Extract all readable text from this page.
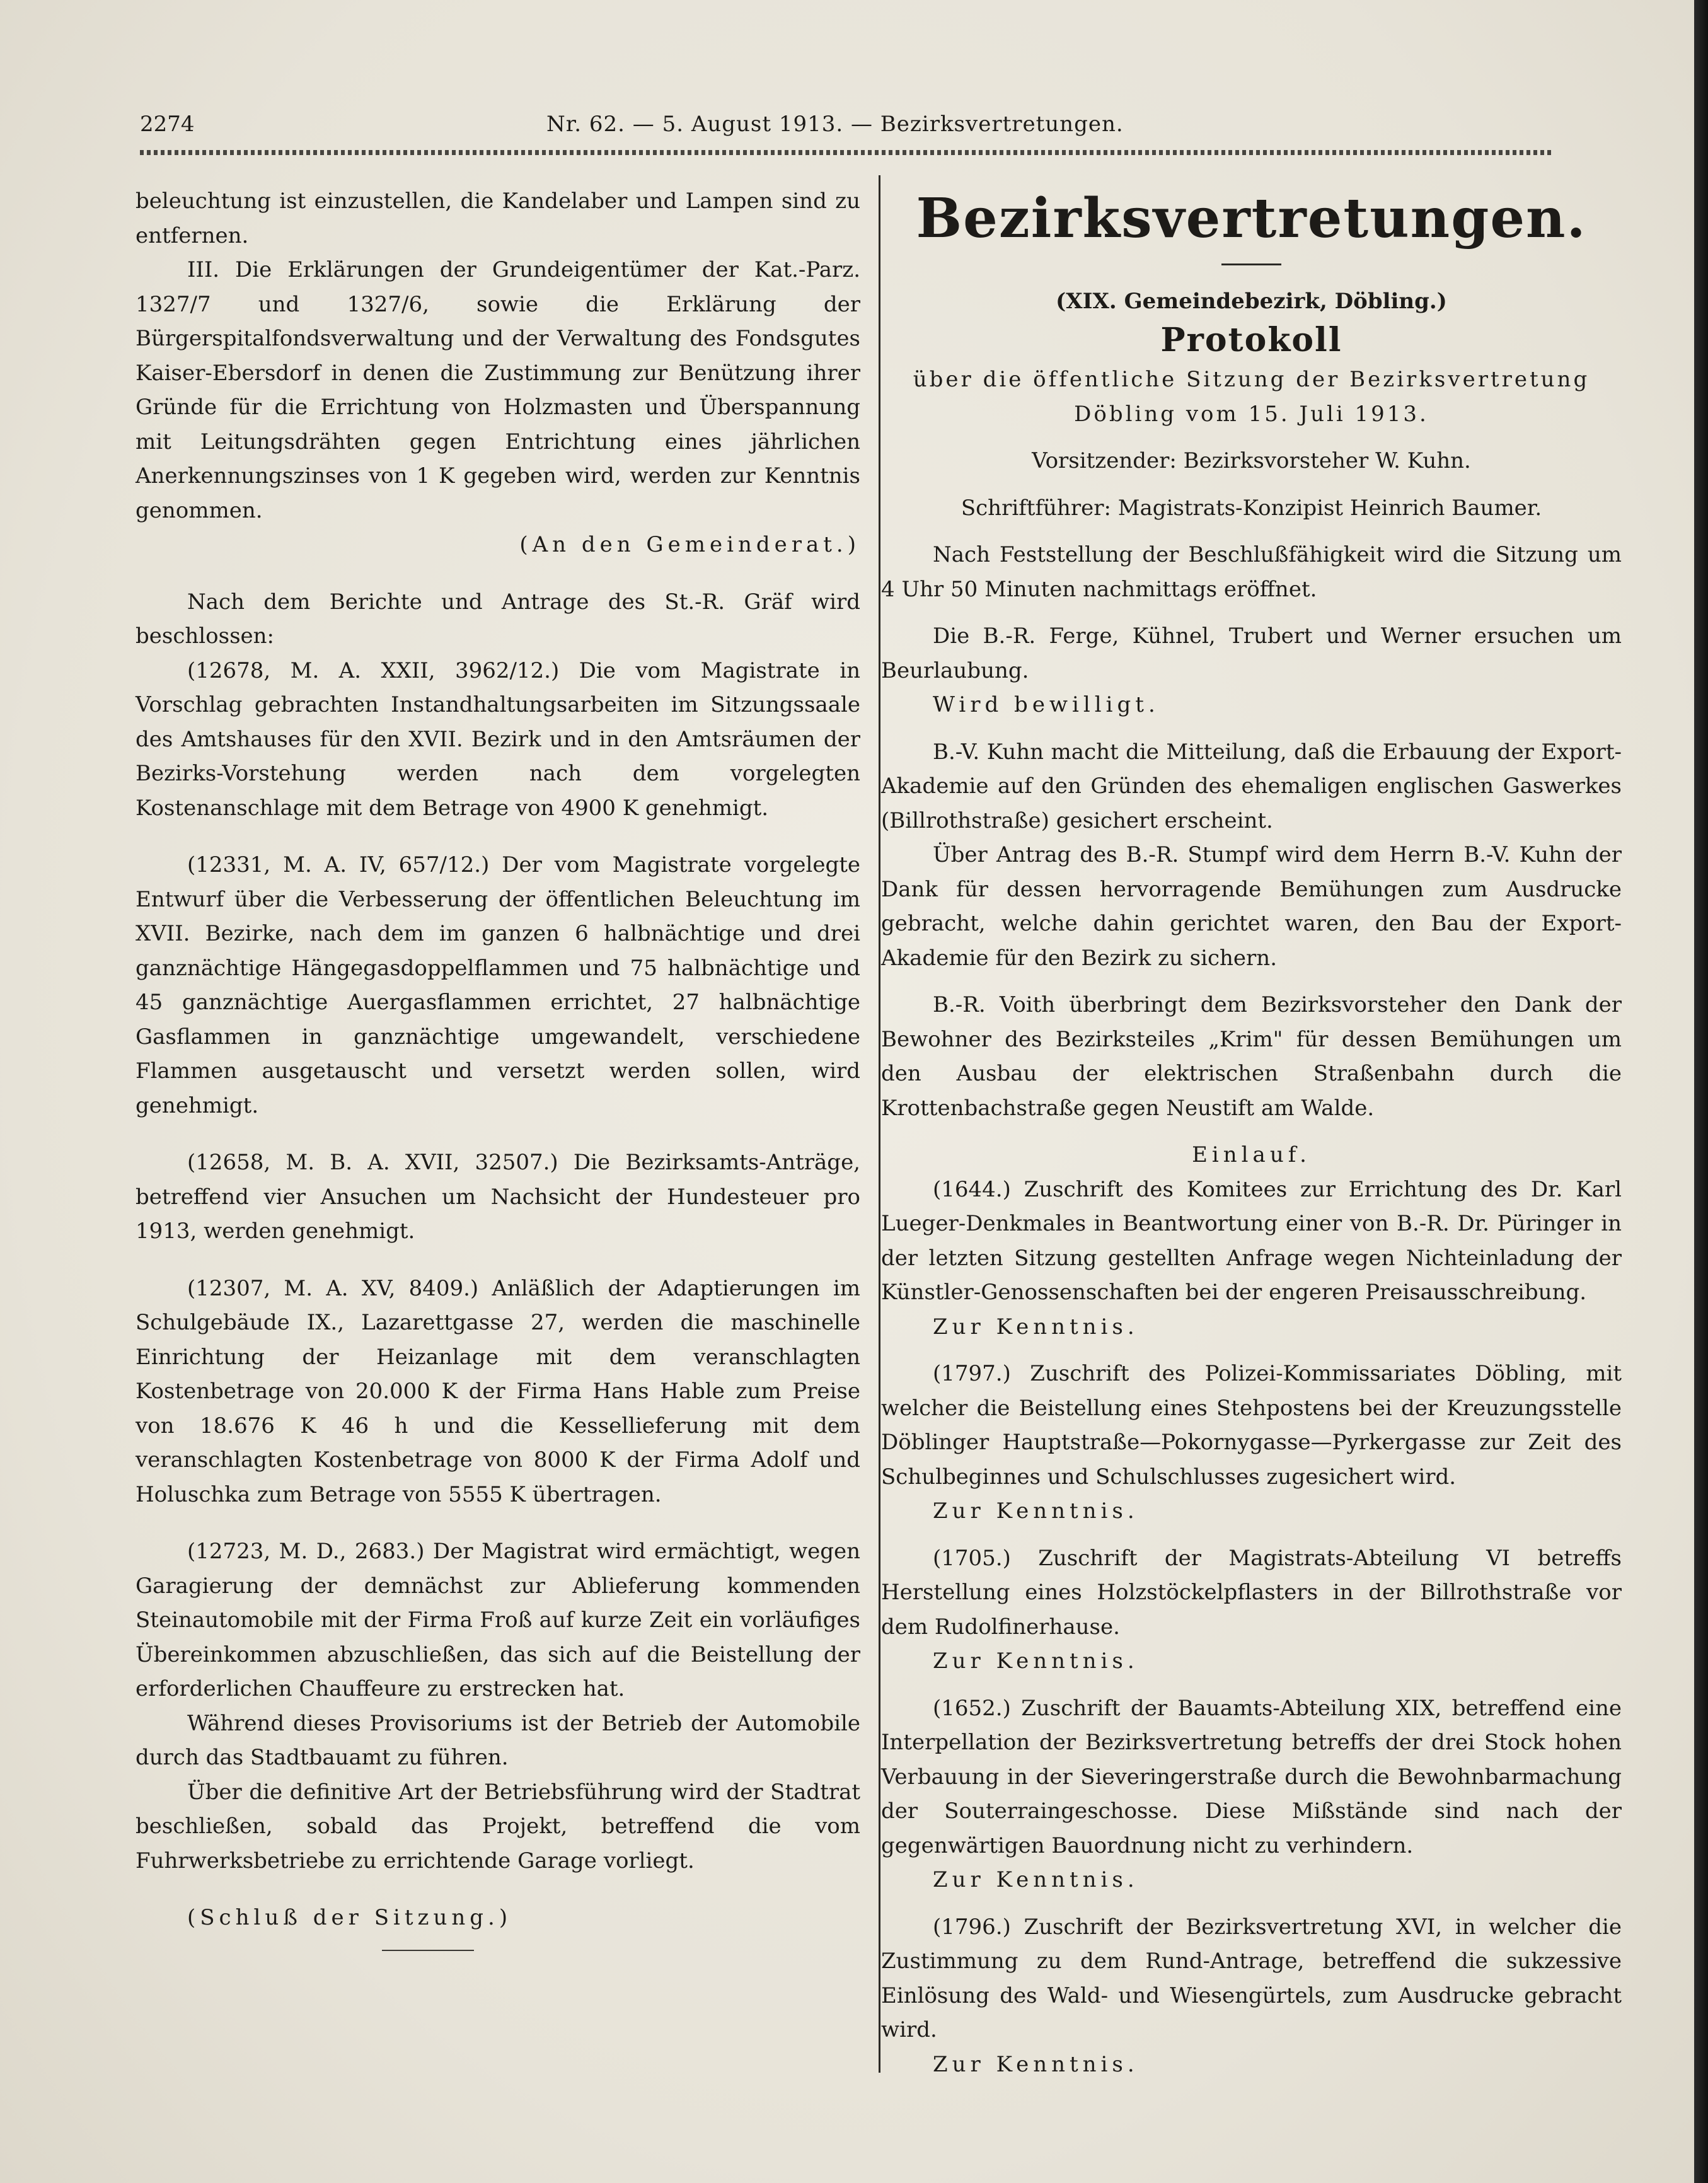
2274	Nr. 62. — 5. August 1913. — Bezirksvertretungen.

beleuchtung ist einzustellen, die Kandelaber und Lampen sind zu entfernen.

III. Die Erklärungen der Grundeigentümer der Kat.-Parz. 1327/7 und 1327/6, sowie die Erklärung der Bürgerspitalfondsverwaltung und der Verwaltung des Fondsgutes Kaiser-Ebersdorf in denen die Zustimmung zur Benützung ihrer Gründe für die Errichtung von Holzmasten und Überspannung mit Leitungsdrähten gegen Entrichtung eines jährlichen Anerkennungszinses von 1 K gegeben wird, werden zur Kenntnis genommen.

(An den Gemeinderat.)

Nach dem Berichte und Antrage des St.-R. Gräf wird beschlossen:

(12678, M. A. XXII, 3962/12.) Die vom Magistrate in Vorschlag gebrachten Instandhaltungsarbeiten im Sitzungssaale des Amtshauses für den XVII. Bezirk und in den Amtsräumen der Bezirks-Vorstehung werden nach dem vorgelegten Kostenanschlage mit dem Betrage von 4900 K genehmigt.

(12331, M. A. IV, 657/12.) Der vom Magistrate vorgelegte Entwurf über die Verbesserung der öffentlichen Beleuchtung im XVII. Bezirke, nach dem im ganzen 6 halbnächtige und drei ganznächtige Hängegasdoppelflammen und 75 halbnächtige und 45 ganznächtige Auergasflammen errichtet, 27 halbnächtige Gasflammen in ganznächtige umgewandelt, verschiedene Flammen ausgetauscht und versetzt werden sollen, wird genehmigt.

(12658, M. B. A. XVII, 32507.) Die Bezirksamts-Anträge, betreffend vier Ansuchen um Nachsicht der Hundesteuer pro 1913, werden genehmigt.

(12307, M. A. XV, 8409.) Anläßlich der Adaptierungen im Schulgebäude IX., Lazarettgasse 27, werden die maschinelle Einrichtung der Heizanlage mit dem veranschlagten Kostenbetrage von 20.000 K der Firma Hans Hable zum Preise von 18.676 K 46 h und die Kessellieferung mit dem veranschlagten Kostenbetrage von 8000 K der Firma Adolf und Holuschka zum Betrage von 5555 K übertragen.

(12723, M. D., 2683.) Der Magistrat wird ermächtigt, wegen Garagierung der demnächst zur Ablieferung kommenden Steinautomobile mit der Firma Froß auf kurze Zeit ein vorläufiges Übereinkommen abzuschließen, das sich auf die Beistellung der erforderlichen Chauffeure zu erstrecken hat.

Während dieses Provisoriums ist der Betrieb der Automobile durch das Stadtbauamt zu führen.

Über die definitive Art der Betriebsführung wird der Stadtrat beschließen, sobald das Projekt, betreffend die vom Fuhrwerksbetriebe zu errichtende Garage vorliegt.

(Schluß der Sitzung.)

Bezirksvertretungen.
(XIX. Gemeindebezirk, Döbling.)
Protokoll

über die öffentliche Sitzung der Bezirksvertretung

Döbling vom 15. Juli 1913.

Vorsitzender: Bezirksvorsteher W. Kuhn.

Schriftführer: Magistrats-Konzipist Heinrich Baumer.

Nach Feststellung der Beschlußfähigkeit wird die Sitzung um 4 Uhr 50 Minuten nachmittags eröffnet.

Die B.-R. Ferge, Kühnel, Trubert und Werner ersuchen um Beurlaubung.

Wird bewilligt.

B.-V. Kuhn macht die Mitteilung, daß die Erbauung der Export-Akademie auf den Gründen des ehemaligen englischen Gaswerkes (Billrothstraße) gesichert erscheint.

Über Antrag des B.-R. Stumpf wird dem Herrn B.-V. Kuhn der Dank für dessen hervorragende Bemühungen zum Ausdrucke gebracht, welche dahin gerichtet waren, den Bau der Export-Akademie für den Bezirk zu sichern.

B.-R. Voith überbringt dem Bezirksvorsteher den Dank der Bewohner des Bezirksteiles „Krim" für dessen Bemühungen um den Ausbau der elektrischen Straßenbahn durch die Krottenbachstraße gegen Neustift am Walde.

Einlauf.

(1644.) Zuschrift des Komitees zur Errichtung des Dr. Karl Lueger-Denkmales in Beantwortung einer von B.-R. Dr. Püringer in der letzten Sitzung gestellten Anfrage wegen Nichteinladung der Künstler-Genossenschaften bei der engeren Preisausschreibung.

Zur Kenntnis.

(1797.) Zuschrift des Polizei-Kommissariates Döbling, mit welcher die Beistellung eines Stehpostens bei der Kreuzungsstelle Döblinger Hauptstraße—Pokornygasse—Pyrkergasse zur Zeit des Schulbeginnes und Schulschlusses zugesichert wird.

Zur Kenntnis.

(1705.) Zuschrift der Magistrats-Abteilung VI betreffs Herstellung eines Holzstöckelpflasters in der Billrothstraße vor dem Rudolfinerhause.

Zur Kenntnis.

(1652.) Zuschrift der Bauamts-Abteilung XIX, betreffend eine Interpellation der Bezirksvertretung betreffs der drei Stock hohen Verbauung in der Sieveringerstraße durch die Bewohnbarmachung der Souterraingeschosse. Diese Mißstände sind nach der gegenwärtigen Bauordnung nicht zu verhindern.

Zur Kenntnis.

(1796.) Zuschrift der Bezirksvertretung XVI, in welcher die Zustimmung zu dem Rund-Antrage, betreffend die sukzessive Einlösung des Wald- und Wiesengürtels, zum Ausdrucke gebracht wird.

Zur Kenntnis.
